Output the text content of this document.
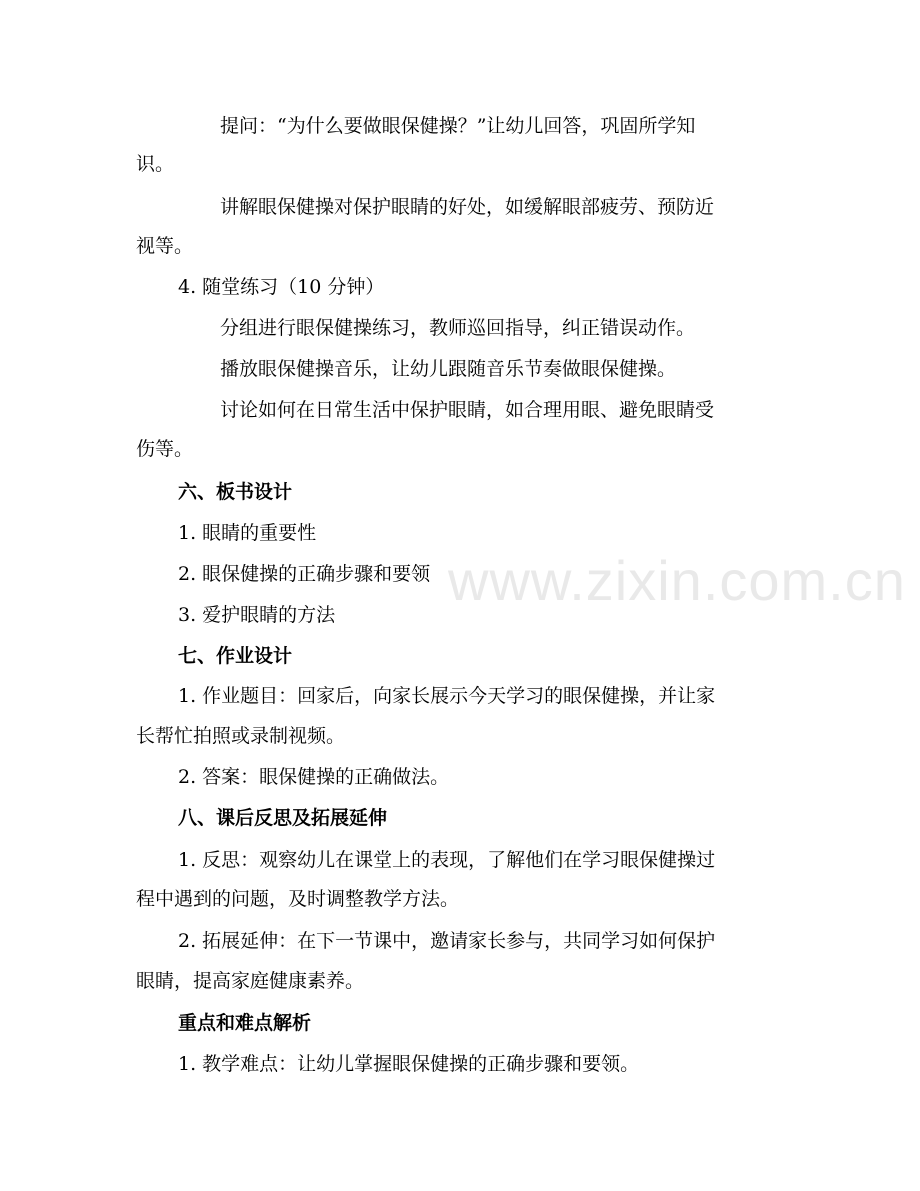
www.zixin.com.cn
提问：“为什么要做眼保健操？”让幼儿回答，巩固所学知
识。
讲解眼保健操对保护眼睛的好处，如缓解眼部疲劳、预防近
视等。
4. 随堂练习（10 分钟）
分组进行眼保健操练习，教师巡回指导，纠正错误动作。
播放眼保健操音乐，让幼儿跟随音乐节奏做眼保健操。
讨论如何在日常生活中保护眼睛，如合理用眼、避免眼睛受
伤等。
六、板书设计
1. 眼睛的重要性
2. 眼保健操的正确步骤和要领
3. 爱护眼睛的方法
七、作业设计
1. 作业题目：回家后，向家长展示今天学习的眼保健操，并让家
长帮忙拍照或录制视频。
2. 答案：眼保健操的正确做法。
八、课后反思及拓展延伸
1. 反思：观察幼儿在课堂上的表现，了解他们在学习眼保健操过
程中遇到的问题，及时调整教学方法。
2. 拓展延伸：在下一节课中，邀请家长参与，共同学习如何保护
眼睛，提高家庭健康素养。
重点和难点解析
1. 教学难点：让幼儿掌握眼保健操的正确步骤和要领。
